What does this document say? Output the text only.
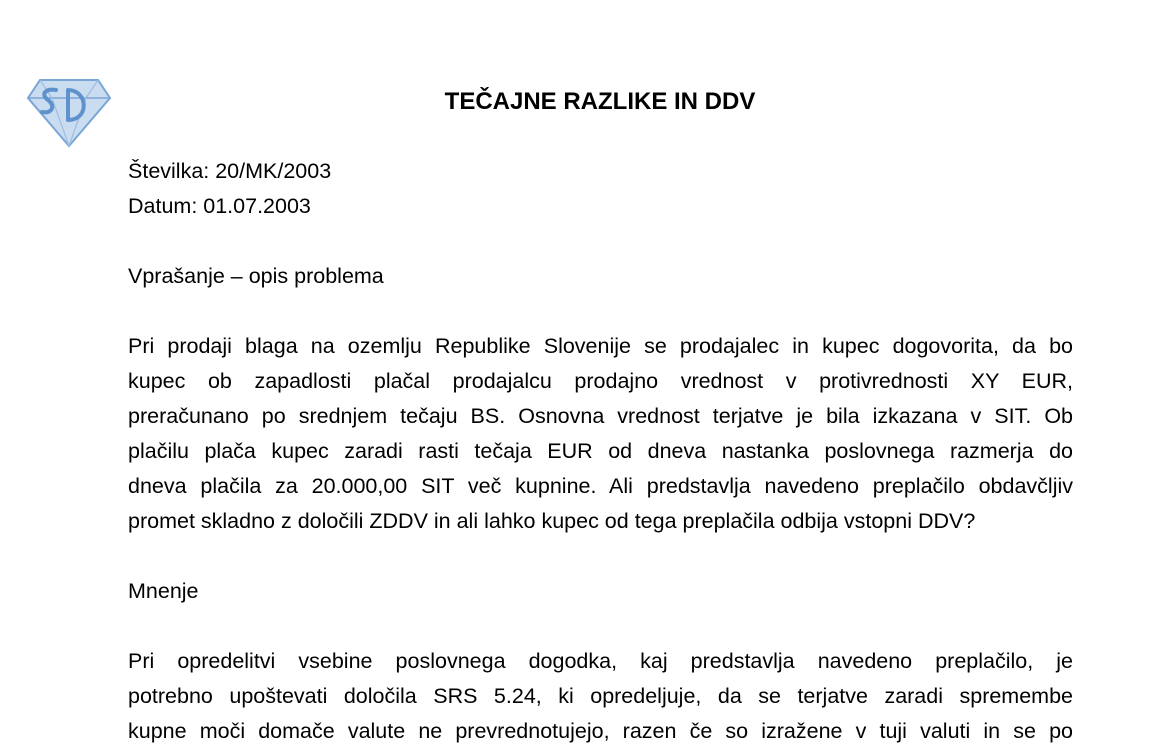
TEČAJNE RAZLIKE IN DDV

Številka: 20/MK/2003

Datum: 01.07.2003

Vprašanje – opis problema

Pri prodaji blaga na ozemlju Republike Slovenije se prodajalec in kupec dogovorita, da bo
kupec ob zapadlosti plačal prodajalcu prodajno vrednost v protivrednosti XY EUR,
preračunano po srednjem tečaju BS. Osnovna vrednost terjatve je bila izkazana v SIT. Ob
plačilu plača kupec zaradi rasti tečaja EUR od dneva nastanka poslovnega razmerja do
dneva plačila za 20.000,00 SIT več kupnine. Ali predstavlja navedeno preplačilo obdavčljiv
promet skladno z določili ZDDV in ali lahko kupec od tega preplačila odbija vstopni DDV?

Mnenje

Pri opredelitvi vsebine poslovnega dogodka, kaj predstavlja navedeno preplačilo, je
potrebno upoštevati določila SRS 5.24, ki opredeljuje, da se terjatve zaradi spremembe
kupne moči domače valute ne prevrednotujejo, razen če so izražene v tuji valuti in se po
